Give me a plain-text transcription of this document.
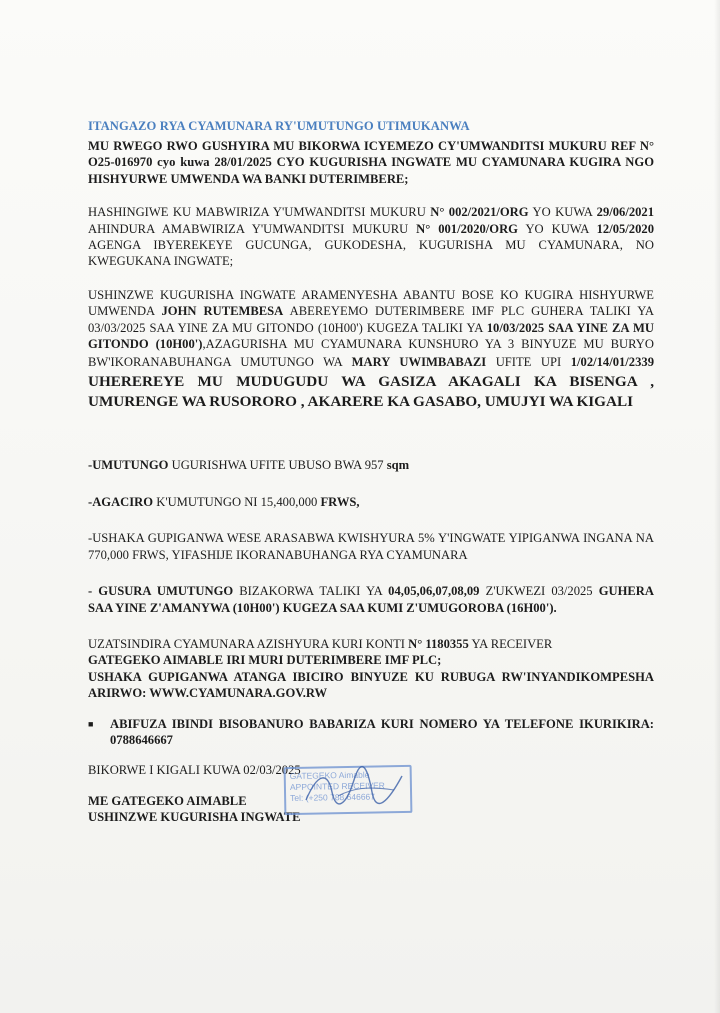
ITANGAZO RYA CYAMUNARA RY'UMUTUNGO UTIMUKANWA

MU RWEGO RWO GUSHYIRA MU BIKORWA ICYEMEZO CY'UMWANDITSI MUKURU REF N° O25-016970 cyo kuwa 28/01/2025 CYO KUGURISHA INGWATE MU CYAMUNARA KUGIRA NGO HISHYURWE UMWENDA WA BANKI DUTERIMBERE;

HASHINGIWE KU MABWIRIZA Y'UMWANDITSI MUKURU N° 002/2021/ORG YO KUWA 29/06/2021 AHINDURA AMABWIRIZA Y'UMWANDITSI MUKURU N° 001/2020/ORG YO KUWA 12/05/2020 AGENGA IBYEREKEYE GUCUNGA, GUKODESHA, KUGURISHA MU CYAMUNARA, NO KWEGUKANA INGWATE;

USHINZWE KUGURISHA INGWATE ARAMENYESHA ABANTU BOSE KO KUGIRA HISHYURWE UMWENDA JOHN RUTEMBESA ABEREYEMO DUTERIMBERE IMF PLC GUHERA TALIKI YA 03/03/2025 SAA YINE ZA MU GITONDO (10H00') KUGEZA TALIKI YA 10/03/2025 SAA YINE ZA MU GITONDO (10H00'),AZAGURISHA MU CYAMUNARA KUNSHURO YA 3 BINYUZE MU BURYO BW'IKORANABUHANGA UMUTUNGO WA MARY UWIMBABAZI UFITE UPI 1/02/14/01/2339 UHEREREYE MU MUDUGUDU WA GASIZA AKAGALI KA BISENGA , UMURENGE WA RUSORORO , AKARERE KA GASABO, UMUJYI WA KIGALI

-UMUTUNGO UGURISHWA UFITE UBUSO BWA 957 sqm

-AGACIRO K'UMUTUNGO NI 15,400,000 FRWS,

-USHAKA GUPIGANWA WESE ARASABWA KWISHYURA 5% Y'INGWATE YIPIGANWA INGANA NA 770,000 FRWS, YIFASHIJE IKORANABUHANGA RYA CYAMUNARA

- GUSURA UMUTUNGO BIZAKORWA TALIKI YA 04,05,06,07,08,09 Z'UKWEZI 03/2025 GUHERA SAA YINE Z'AMANYWA (10H00') KUGEZA SAA KUMI Z'UMUGOROBA (16H00').

UZATSINDIRA CYAMUNARA AZISHYURA KURI KONTI N° 1180355 YA RECEIVER
GATEGEKO AIMABLE IRI MURI DUTERIMBERE IMF PLC;
USHAKA GUPIGANWA ATANGA IBICIRO BINYUZE KU RUBUGA RW'INYANDIKOMPESHA ARIRWO: WWW.CYAMUNARA.GOV.RW

■	ABIFUZA IBINDI BISOBANURO BABARIZA KURI NOMERO YA TELEFONE IKURIKIRA: 0788646667

BIKORWE I KIGALI KUWA 02/03/2025

ME GATEGEKO AIMABLE

USHINZWE KUGURISHA INGWATE

GATEGEKO Aimable
APPOINTED RECEIVER
Tel: (+250 788 646667
